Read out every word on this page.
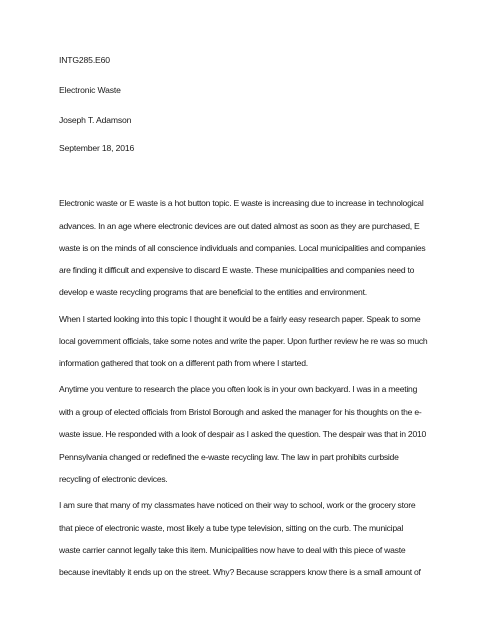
INTG285.E60
Electronic Waste
Joseph T. Adamson
September 18, 2016
Electronic waste or E waste is a hot button topic. E waste is increasing due to increase in technological
advances. In an age where electronic devices are out dated almost as soon as they are purchased, E
waste is on the minds of all conscience individuals and companies. Local municipalities and companies
are finding it difficult and expensive to discard E waste. These municipalities and companies need to
develop e waste recycling programs that are beneficial to the entities and environment.
When I started looking into this topic I thought it would be a fairly easy research paper. Speak to some
local government officials, take some notes and write the paper. Upon further review he re was so much
information gathered that took on a different path from where I started.
Anytime you venture to research the place you often look is in your own backyard. I was in a meeting
with a group of elected officials from Bristol Borough and asked the manager for his thoughts on the e-
waste issue. He responded with a look of despair as I asked the question. The despair was that in 2010
Pennsylvania changed or redefined the e-waste recycling law. The law in part prohibits curbside
recycling of electronic devices.
I am sure that many of my classmates have noticed on their way to school, work or the grocery store
that piece of electronic waste, most likely a tube type television, sitting on the curb. The municipal
waste carrier cannot legally take this item. Municipalities now have to deal with this piece of waste
because inevitably it ends up on the street. Why? Because scrappers know there is a small amount of
